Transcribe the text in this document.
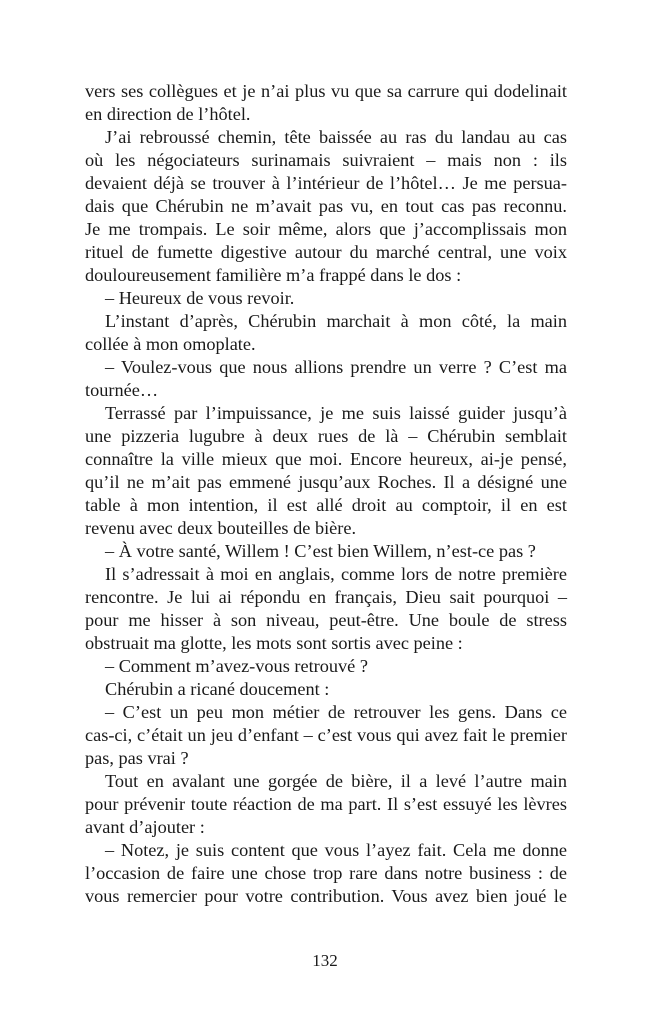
vers ses collègues et je n’ai plus vu que sa carrure qui dodelinait
en direction de l’hôtel.
J’ai rebroussé chemin, tête baissée au ras du landau au cas
où les négociateurs surinamais suivraient – mais non : ils
devaient déjà se trouver à l’intérieur de l’hôtel… Je me persua-
dais que Chérubin ne m’avait pas vu, en tout cas pas reconnu.
Je me trompais. Le soir même, alors que j’accomplissais mon
rituel de fumette digestive autour du marché central, une voix
douloureusement familière m’a frappé dans le dos :
– Heureux de vous revoir.
L’instant d’après, Chérubin marchait à mon côté, la main
collée à mon omoplate.
– Voulez-vous que nous allions prendre un verre ? C’est ma
tournée…
Terrassé par l’impuissance, je me suis laissé guider jusqu’à
une pizzeria lugubre à deux rues de là – Chérubin semblait
connaître la ville mieux que moi. Encore heureux, ai-je pensé,
qu’il ne m’ait pas emmené jusqu’aux Roches. Il a désigné une
table à mon intention, il est allé droit au comptoir, il en est
revenu avec deux bouteilles de bière.
– À votre santé, Willem ! C’est bien Willem, n’est-ce pas ?
Il s’adressait à moi en anglais, comme lors de notre première
rencontre. Je lui ai répondu en français, Dieu sait pourquoi –
pour me hisser à son niveau, peut-être. Une boule de stress
obstruait ma glotte, les mots sont sortis avec peine :
– Comment m’avez-vous retrouvé ?
Chérubin a ricané doucement :
– C’est un peu mon métier de retrouver les gens. Dans ce
cas-ci, c’était un jeu d’enfant – c’est vous qui avez fait le premier
pas, pas vrai ?
Tout en avalant une gorgée de bière, il a levé l’autre main
pour prévenir toute réaction de ma part. Il s’est essuyé les lèvres
avant d’ajouter :
– Notez, je suis content que vous l’ayez fait. Cela me donne
l’occasion de faire une chose trop rare dans notre business : de
vous remercier pour votre contribution. Vous avez bien joué le
132
